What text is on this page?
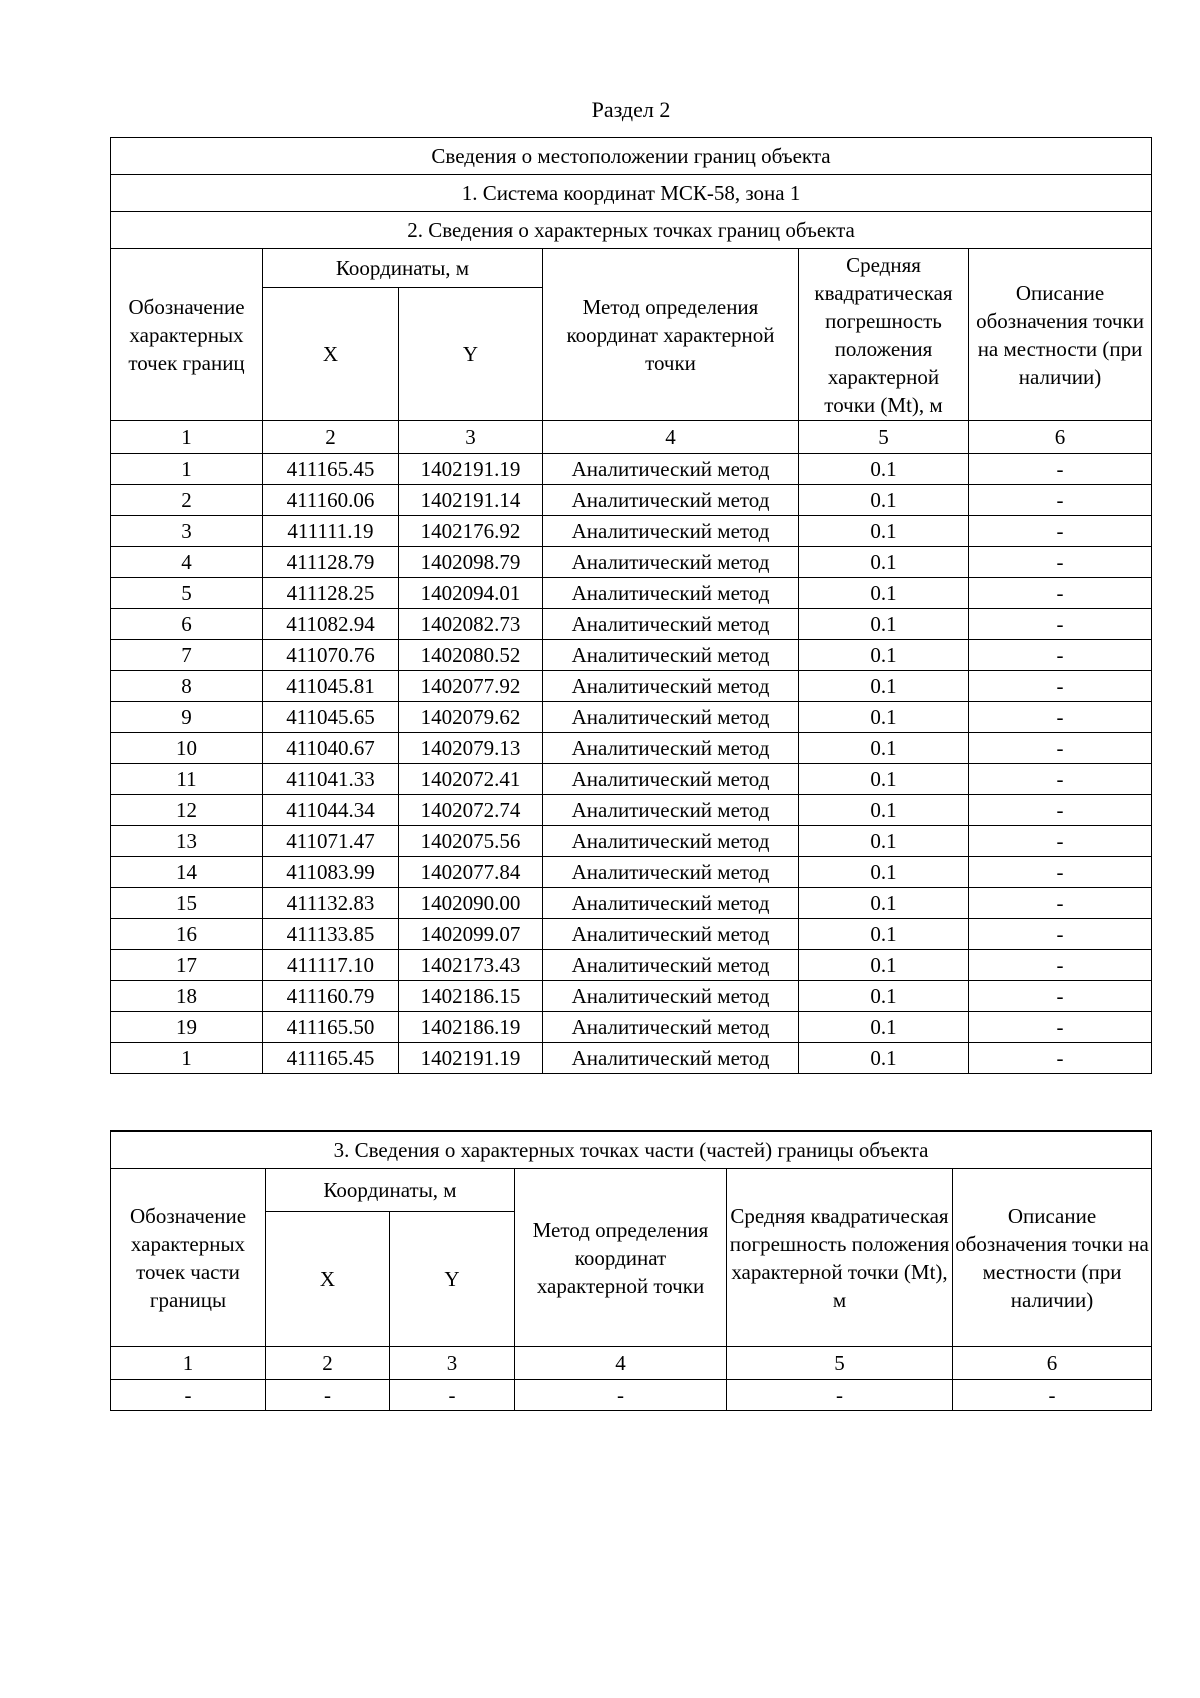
Раздел 2
Сведения о местоположении границ объекта					
1. Система координат МСК-58, зона 1					
2. Сведения о характерных точках границ объекта					
Обозначение характерных точек границ	Координаты, м		Метод определения координат характерной точки	Средняя квадратическая погрешность положения характерной точки (Mt), м	Описание обозначения точки на местности (при наличии)
	X	Y			
1	2	3	4	5	6
1	411165.45	1402191.19	Аналитический метод	0.1	-
2	411160.06	1402191.14	Аналитический метод	0.1	-
3	411111.19	1402176.92	Аналитический метод	0.1	-
4	411128.79	1402098.79	Аналитический метод	0.1	-
5	411128.25	1402094.01	Аналитический метод	0.1	-
6	411082.94	1402082.73	Аналитический метод	0.1	-
7	411070.76	1402080.52	Аналитический метод	0.1	-
8	411045.81	1402077.92	Аналитический метод	0.1	-
9	411045.65	1402079.62	Аналитический метод	0.1	-
10	411040.67	1402079.13	Аналитический метод	0.1	-
11	411041.33	1402072.41	Аналитический метод	0.1	-
12	411044.34	1402072.74	Аналитический метод	0.1	-
13	411071.47	1402075.56	Аналитический метод	0.1	-
14	411083.99	1402077.84	Аналитический метод	0.1	-
15	411132.83	1402090.00	Аналитический метод	0.1	-
16	411133.85	1402099.07	Аналитический метод	0.1	-
17	411117.10	1402173.43	Аналитический метод	0.1	-
18	411160.79	1402186.15	Аналитический метод	0.1	-
19	411165.50	1402186.19	Аналитический метод	0.1	-
1	411165.45	1402191.19	Аналитический метод	0.1	-
3. Сведения о характерных точках части (частей) границы объекта					
Обозначение характерных точек части границы	Координаты, м		Метод определения координат характерной точки	Средняя квадратическая погрешность положения характерной точки (Mt), м	Описание обозначения точки на местности (при наличии)
	X	Y			
1	2	3	4	5	6
-	-	-	-	-	-
